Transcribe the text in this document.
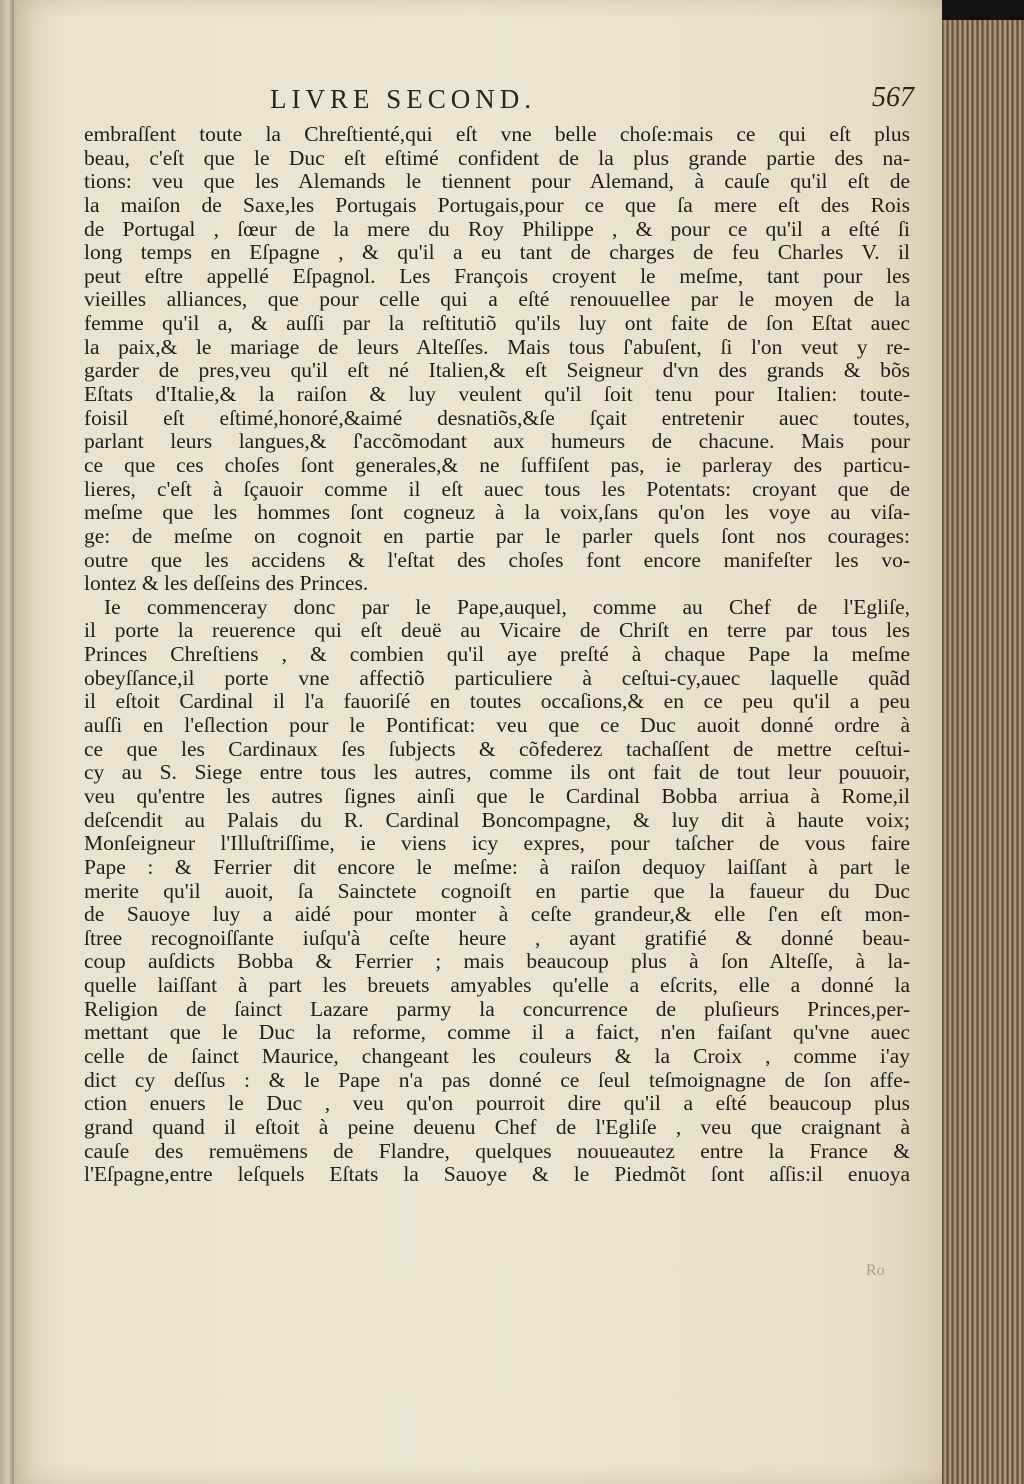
LIVRE SECOND.	567
embraſſent toute la Chreſtienté,qui eſt vne belle choſe:mais ce qui eſt plus
beau, c'eſt que le Duc eſt eſtimé confident de la plus grande partie des na-
tions: veu que les Alemands le tiennent pour Alemand, à cauſe qu'il eſt de
la maiſon de Saxe,les Portugais Portugais,pour ce que ſa mere eſt des Rois
de Portugal , ſœur de la mere du Roy Philippe , & pour ce qu'il a eſté ſi
long temps en Eſpagne , & qu'il a eu tant de charges de feu Charles V. il
peut eſtre appellé Eſpagnol. Les François croyent le meſme, tant pour les
vieilles alliances, que pour celle qui a eſté renouuellee par le moyen de la
femme qu'il a, & auſſi par la reſtitutiõ qu'ils luy ont faite de ſon Eſtat auec
la paix,& le mariage de leurs Alteſſes. Mais tous ſ'abuſent, ſi l'on veut y re-
garder de pres,veu qu'il eſt né Italien,& eſt Seigneur d'vn des grands & bõs
Eſtats d'Italie,& la raiſon & luy veulent qu'il ſoit tenu pour Italien: toute-
foisil eſt eſtimé,honoré,&aimé desnatiõs,&ſe ſçait entretenir auec toutes,
parlant leurs langues,& ſ'accõmodant aux humeurs de chacune. Mais pour
ce que ces choſes ſont generales,& ne ſuffiſent pas, ie parleray des particu-
lieres, c'eſt à ſçauoir comme il eſt auec tous les Potentats: croyant que de
meſme que les hommes ſont cogneuz à la voix,ſans qu'on les voye au viſa-
ge: de meſme on cognoit en partie par le parler quels ſont nos courages:
outre que les accidens & l'eſtat des choſes font encore manifeſter les vo-
lontez & les deſſeins des Princes.
Ie commenceray donc par le Pape,auquel, comme au Chef de l'Egliſe,
il porte la reuerence qui eſt deuë au Vicaire de Chriſt en terre par tous les
Princes Chreſtiens , & combien qu'il aye preſté à chaque Pape la meſme
obeyſſance,il porte vne affectiõ particuliere à ceſtui-cy,auec laquelle quãd
il eſtoit Cardinal il l'a fauoriſé en toutes occaſions,& en ce peu qu'il a peu
auſſi en l'eſlection pour le Pontificat: veu que ce Duc auoit donné ordre à
ce que les Cardinaux ſes ſubjects & cõfederez tachaſſent de mettre ceſtui-
cy au S. Siege entre tous les autres, comme ils ont fait de tout leur pouuoir,
veu qu'entre les autres ſignes ainſi que le Cardinal Bobba arriua à Rome,il
deſcendit au Palais du R. Cardinal Boncompagne, & luy dit à haute voix;
Monſeigneur l'Illuſtriſſime, ie viens icy expres, pour taſcher de vous faire
Pape : & Ferrier dit encore le meſme: à raiſon dequoy laiſſant à part le
merite qu'il auoit, ſa Sainctete cognoiſt en partie que la faueur du Duc
de Sauoye luy a aidé pour monter à ceſte grandeur,& elle ſ'en eſt mon-
ſtree recognoiſſante iuſqu'à ceſte heure , ayant gratifié & donné beau-
coup auſdicts Bobba & Ferrier ; mais beaucoup plus à ſon Alteſſe, à la-
quelle laiſſant à part les breuets amyables qu'elle a eſcrits, elle a donné la
Religion de ſainct Lazare parmy la concurrence de pluſieurs Princes,per-
mettant que le Duc la reforme, comme il a faict, n'en faiſant qu'vne auec
celle de ſainct Maurice, changeant les couleurs & la Croix , comme i'ay
dict cy deſſus : & le Pape n'a pas donné ce ſeul teſmoignagne de ſon affe-
ction enuers le Duc , veu qu'on pourroit dire qu'il a eſté beaucoup plus
grand quand il eſtoit à peine deuenu Chef de l'Egliſe , veu que craignant à
cauſe des remuëmens de Flandre, quelques nouueautez entre la France &
l'Eſpagne,entre leſquels Eſtats la Sauoye & le Piedmõt ſont aſſis:il enuoya
Ro
